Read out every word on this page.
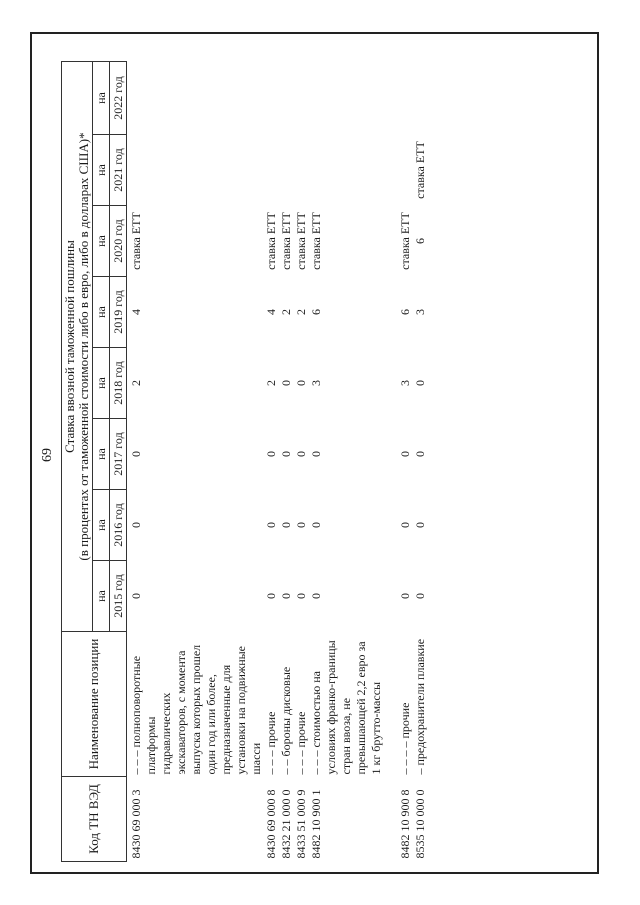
69
Код ТН ВЭД	Наименование позиции	Ставка ввозной таможенной пошлины (в процентах от таможенной стоимости либо в евро, либо в долларах США)*							

		на	на	на	на	на	на	на	на
		2015 год	2016 год	2017 год	2018 год	2019 год	2020 год	2021 год	2022 год
8430 69 000 3	– – – полноповоротные платформы гидравлических экскаваторов, с момента выпуска которых прошел один год или более, предназначенные для установки на подвижные шасси	0	0	0	2	4	ставка ЕТТ		
8430 69 000 8	– – – прочие	0	0	0	2	4	ставка ЕТТ		
8432 21 000 0	– – бороны дисковые	0	0	0	0	2	ставка ЕТТ		
8433 51 000 9	– – – прочие	0	0	0	0	2	ставка ЕТТ		
8482 10 900 1	– – – стоимостью на условиях франко-границы стран ввоза, не превышающей 2,2 евро за 1 кг брутто-массы	0	0	0	3	6	ставка ЕТТ		
8482 10 900 8	– – – – прочие	0	0	0	3	6	ставка ЕТТ		
8535 10 000 0	– предохранители плавкие	0	0	0	0	3	6	ставка ЕТТ	
